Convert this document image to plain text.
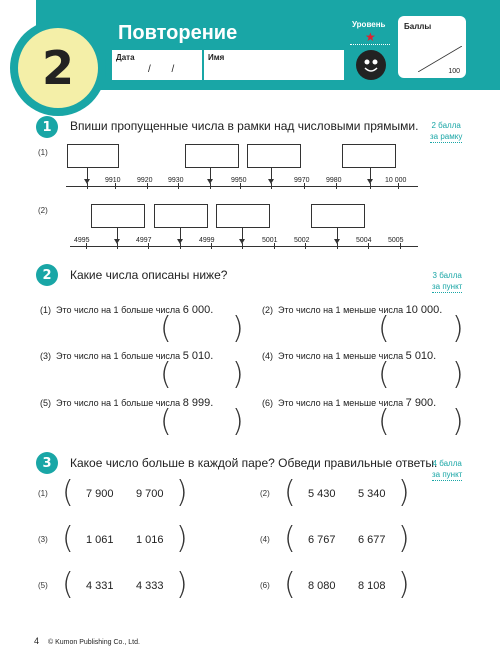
2
Повторение
Дата
/ /
Имя
Уровень
★
Баллы
100
1	Впиши пропущенные числа в рамки над числовыми прямыми. 2 балла
за рамку
(1)
9910 9920 9930	9950	9970 9980	10 000
(2)
4995	4997	4999	5001 5002	5004 5005
2	Какие числа описаны ниже?	3 балла
за пункт
(1) Это число на 1 больше числа 6 000.
( )
(2) Это число на 1 меньше числа 10 000.
( )
(3) Это число на 1 больше числа 5 010.
( )
(4) Это число на 1 меньше числа 5 010.
( )
(5) Это число на 1 больше числа 8 999.
( )
(6) Это число на 1 меньше числа 7 900.
( )
3	Какое число больше в каждой паре? Обведи правильные ответы.
4 балла
за пункт
(1) ( 7 900 9 700 )	(2) ( 5 430 5 340 )
(3) ( 1 061 1 016 )	(4) ( 6 767 6 677 )
(5) ( 4 331 4 333 )	(6) ( 8 080 8 108 )
4 © Kumon Publishing Co., Ltd.
